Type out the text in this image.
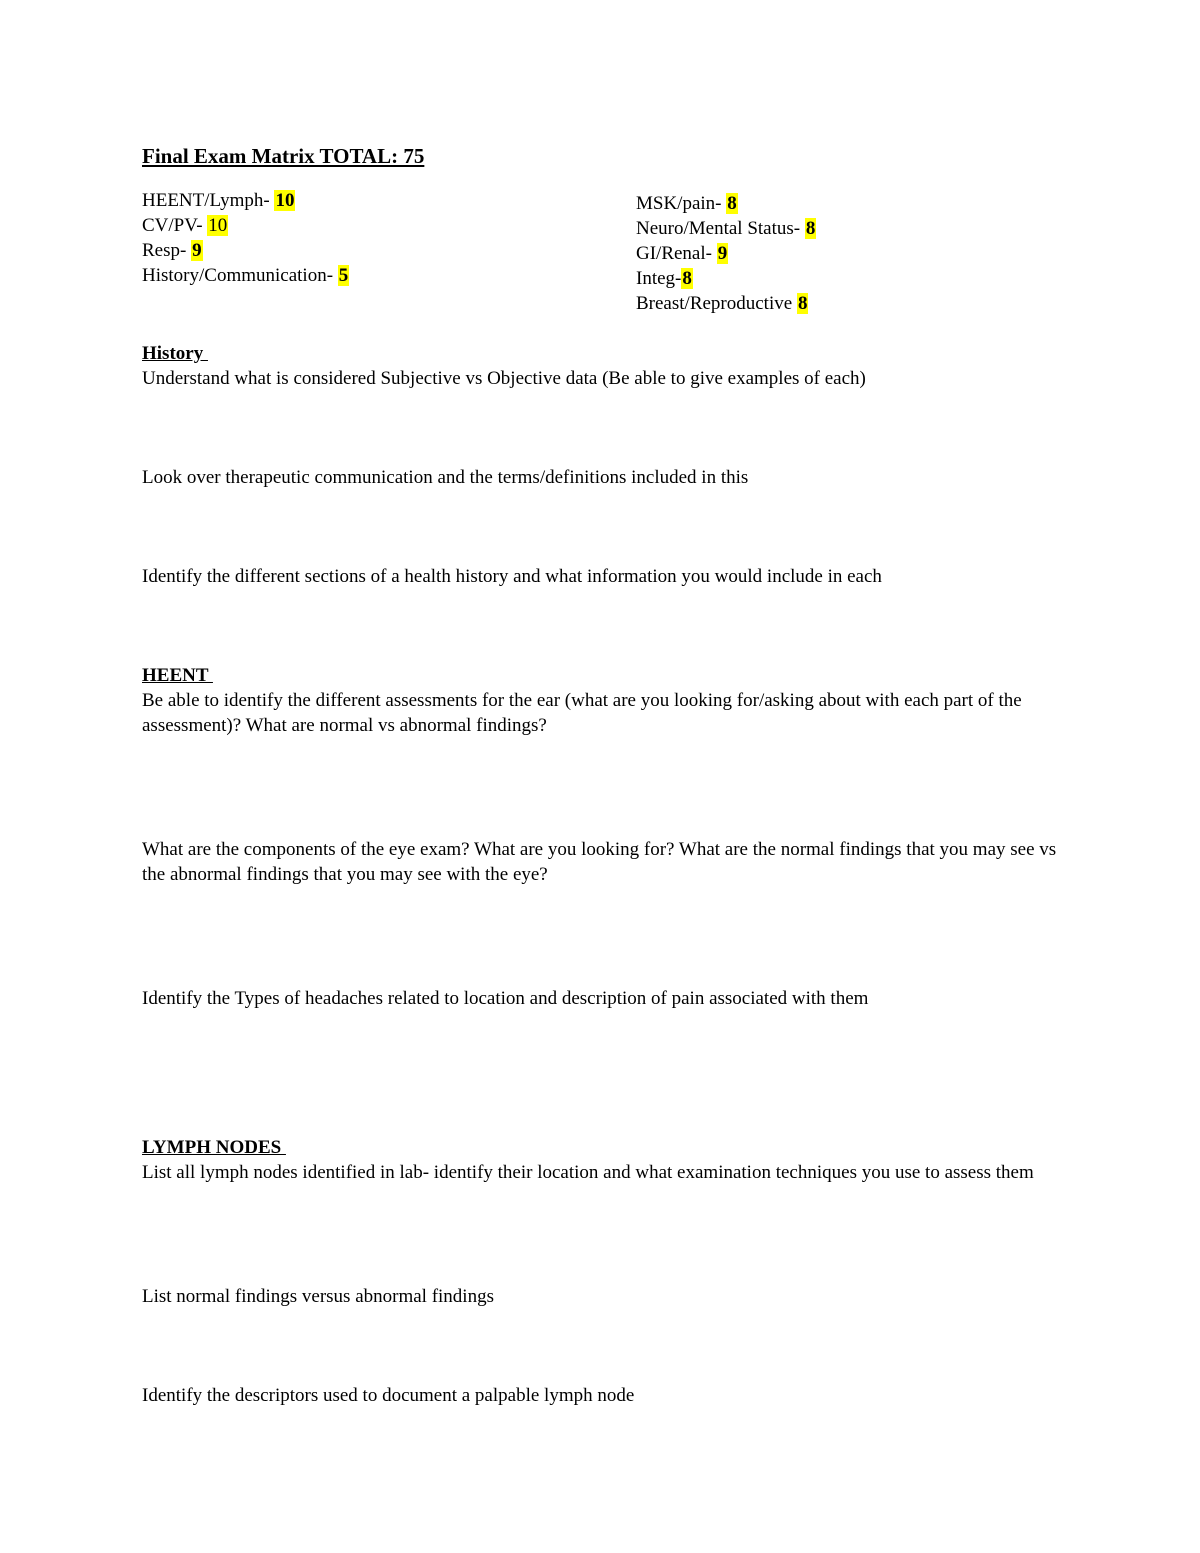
Final Exam Matrix TOTAL: 75
HEENT/Lymph- 10
CV/PV- 10
Resp- 9
History/Communication- 5
MSK/pain- 8
Neuro/Mental Status- 8
GI/Renal- 9
Integ-8
Breast/Reproductive 8
History
Understand what is considered Subjective vs Objective data (Be able to give examples of each)
Look over therapeutic communication and the terms/definitions included in this
Identify the different sections of a health history and what information you would include in each
HEENT
Be able to identify the different assessments for the ear (what are you looking for/asking about with each part of the assessment)? What are normal vs abnormal findings?
What are the components of the eye exam? What are you looking for? What are the normal findings that you may see vs the abnormal findings that you may see with the eye?
Identify the Types of headaches related to location and description of pain associated with them
LYMPH NODES
List all lymph nodes identified in lab- identify their location and what examination techniques you use to assess them
List normal findings versus abnormal findings
Identify the descriptors used to document a palpable lymph node
